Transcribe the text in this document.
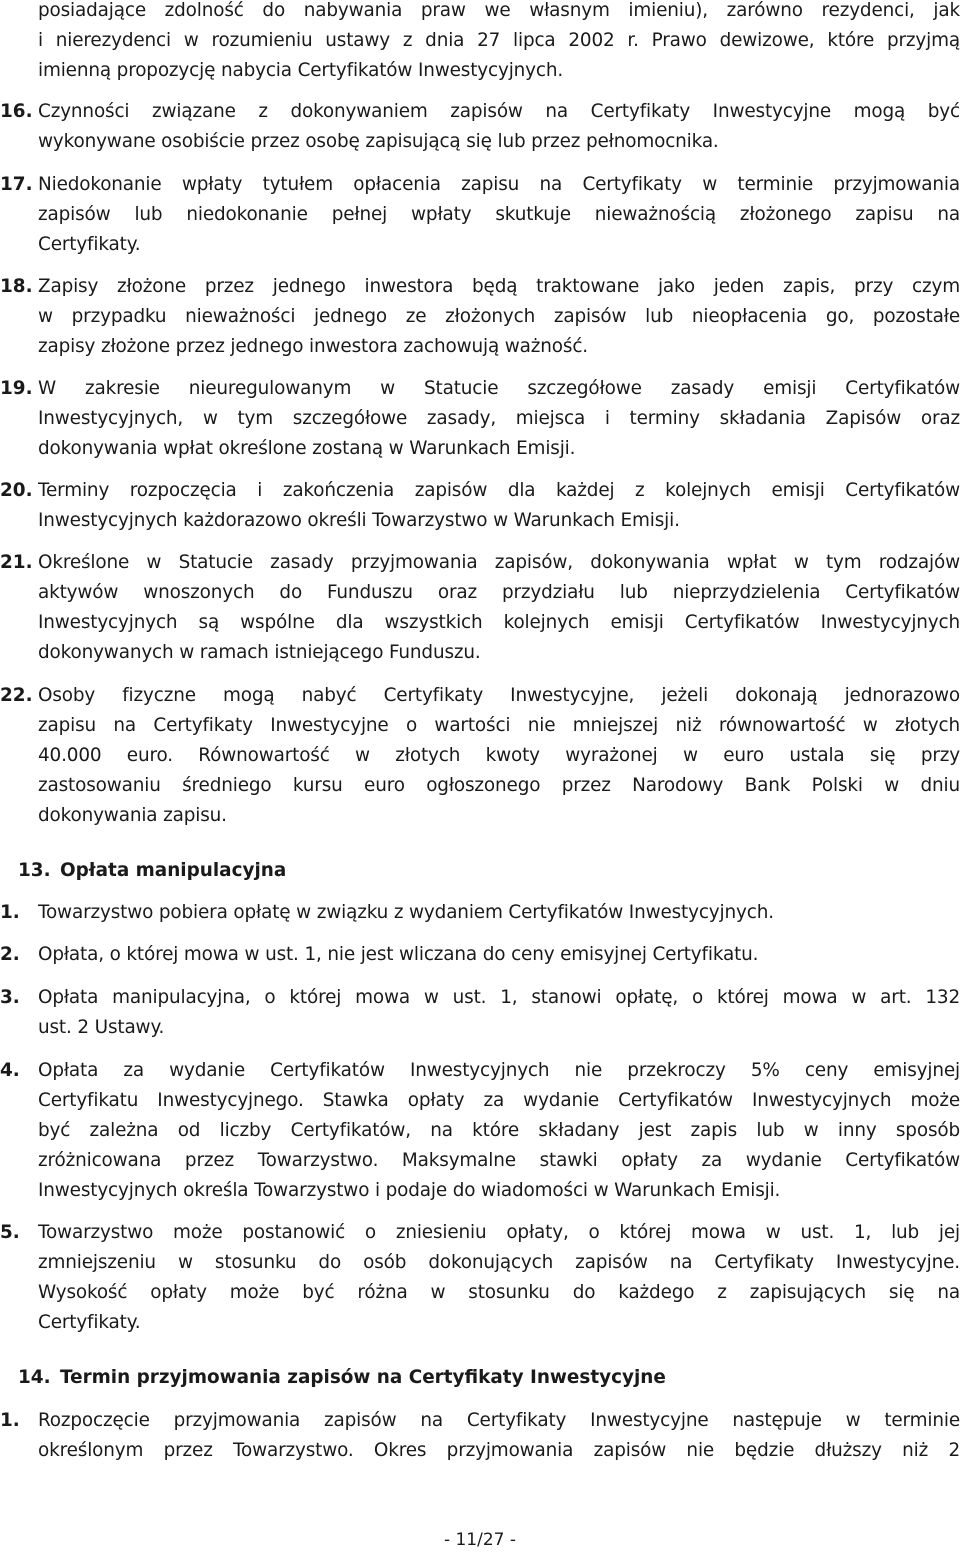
posiadające zdolność do nabywania praw we własnym imieniu), zarówno rezydenci, jak
i nierezydenci w rozumieniu ustawy z dnia 27 lipca 2002 r. Prawo dewizowe, które przyjmą
imienną propozycję nabycia Certyfikatów Inwestycyjnych.
16. Czynności związane z dokonywaniem zapisów na Certyfikaty Inwestycyjne mogą być
wykonywane osobiście przez osobę zapisującą się lub przez pełnomocnika.
17. Niedokonanie wpłaty tytułem opłacenia zapisu na Certyfikaty w terminie przyjmowania
zapisów lub niedokonanie pełnej wpłaty skutkuje nieważnością złożonego zapisu na
Certyfikaty.
18. Zapisy złożone przez jednego inwestora będą traktowane jako jeden zapis, przy czym
w przypadku nieważności jednego ze złożonych zapisów lub nieopłacenia go, pozostałe
zapisy złożone przez jednego inwestora zachowują ważność.
19. W zakresie nieuregulowanym w Statucie szczegółowe zasady emisji Certyfikatów
Inwestycyjnych, w tym szczegółowe zasady, miejsca i terminy składania Zapisów oraz
dokonywania wpłat określone zostaną w Warunkach Emisji.
20. Terminy rozpoczęcia i zakończenia zapisów dla każdej z kolejnych emisji Certyfikatów
Inwestycyjnych każdorazowo określi Towarzystwo w Warunkach Emisji.
21. Określone w Statucie zasady przyjmowania zapisów, dokonywania wpłat w tym rodzajów
aktywów wnoszonych do Funduszu oraz przydziału lub nieprzydzielenia Certyfikatów
Inwestycyjnych są wspólne dla wszystkich kolejnych emisji Certyfikatów Inwestycyjnych
dokonywanych w ramach istniejącego Funduszu.
22. Osoby fizyczne mogą nabyć Certyfikaty Inwestycyjne, jeżeli dokonają jednorazowo
zapisu na Certyfikaty Inwestycyjne o wartości nie mniejszej niż równowartość w złotych
40.000 euro. Równowartość w złotych kwoty wyrażonej w euro ustala się przy
zastosowaniu średniego kursu euro ogłoszonego przez Narodowy Bank Polski w dniu
dokonywania zapisu.
13. Opłata manipulacyjna
1. Towarzystwo pobiera opłatę w związku z wydaniem Certyfikatów Inwestycyjnych.
2. Opłata, o której mowa w ust. 1, nie jest wliczana do ceny emisyjnej Certyfikatu.
3. Opłata manipulacyjna, o której mowa w ust. 1, stanowi opłatę, o której mowa w art. 132
ust. 2 Ustawy.
4. Opłata za wydanie Certyfikatów Inwestycyjnych nie przekroczy 5% ceny emisyjnej
Certyfikatu Inwestycyjnego. Stawka opłaty za wydanie Certyfikatów Inwestycyjnych może
być zależna od liczby Certyfikatów, na które składany jest zapis lub w inny sposób
zróżnicowana przez Towarzystwo. Maksymalne stawki opłaty za wydanie Certyfikatów
Inwestycyjnych określa Towarzystwo i podaje do wiadomości w Warunkach Emisji.
5. Towarzystwo może postanowić o zniesieniu opłaty, o której mowa w ust. 1, lub jej
zmniejszeniu w stosunku do osób dokonujących zapisów na Certyfikaty Inwestycyjne.
Wysokość opłaty może być różna w stosunku do każdego z zapisujących się na
Certyfikaty.
14. Termin przyjmowania zapisów na Certyfikaty Inwestycyjne
1. Rozpoczęcie przyjmowania zapisów na Certyfikaty Inwestycyjne następuje w terminie
określonym przez Towarzystwo. Okres przyjmowania zapisów nie będzie dłuższy niż 2
- 11/27 -
